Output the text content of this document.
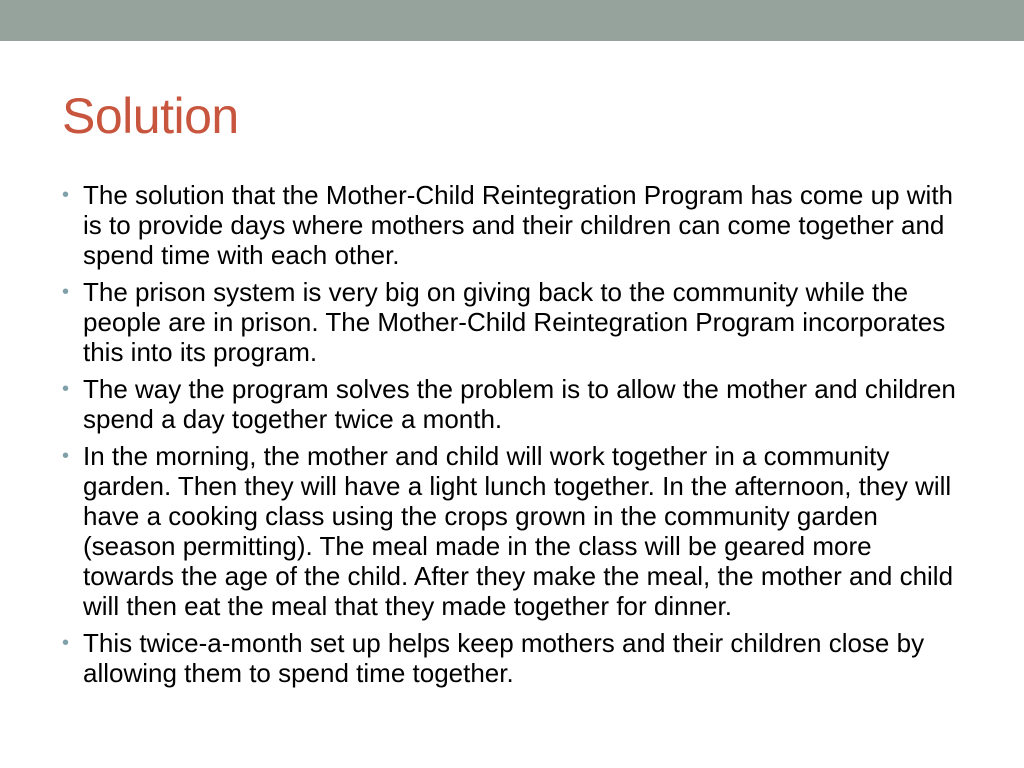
Solution
• The solution that the Mother-Child Reintegration Program has come up with is to provide days where mothers and their children can come together and spend time with each other.
• The prison system is very big on giving back to the community while the people are in prison. The Mother-Child Reintegration Program incorporates this into its program.
• The way the program solves the problem is to allow the mother and children spend a day together twice a month.
• In the morning, the mother and child will work together in a community garden. Then they will have a light lunch together. In the afternoon, they will have a cooking class using the crops grown in the community garden (season permitting). The meal made in the class will be geared more towards the age of the child. After they make the meal, the mother and child will then eat the meal that they made together for dinner.
• This twice-a-month set up helps keep mothers and their children close by allowing them to spend time together.
